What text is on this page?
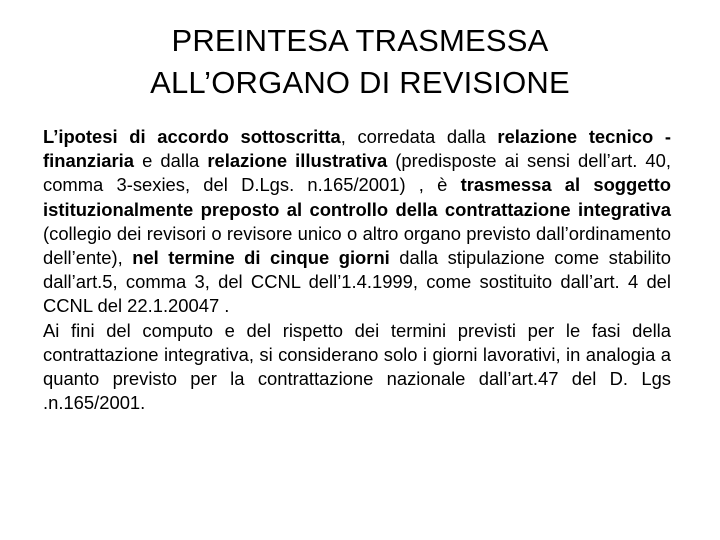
PREINTESA TRASMESSA
ALL’ORGANO DI REVISIONE

L’ipotesi di accordo sottoscritta, corredata dalla relazione tecnico - finanziaria e dalla relazione illustrativa (predisposte ai sensi dell’art. 40, comma 3-sexies, del D.Lgs. n.165/2001) , è trasmessa al soggetto istituzionalmente preposto al controllo della contrattazione integrativa (collegio dei revisori o revisore unico o altro organo previsto dall’ordinamento dell’ente), nel termine di cinque giorni dalla stipulazione come stabilito dall’art.5, comma 3, del CCNL dell’1.4.1999, come sostituito dall’art. 4 del CCNL del 22.1.20047 .

Ai fini del computo e del rispetto dei termini previsti per le fasi della contrattazione integrativa, si considerano solo i giorni lavorativi, in analogia a quanto previsto per la contrattazione nazionale dall’art.47 del D. Lgs .n.165/2001.
